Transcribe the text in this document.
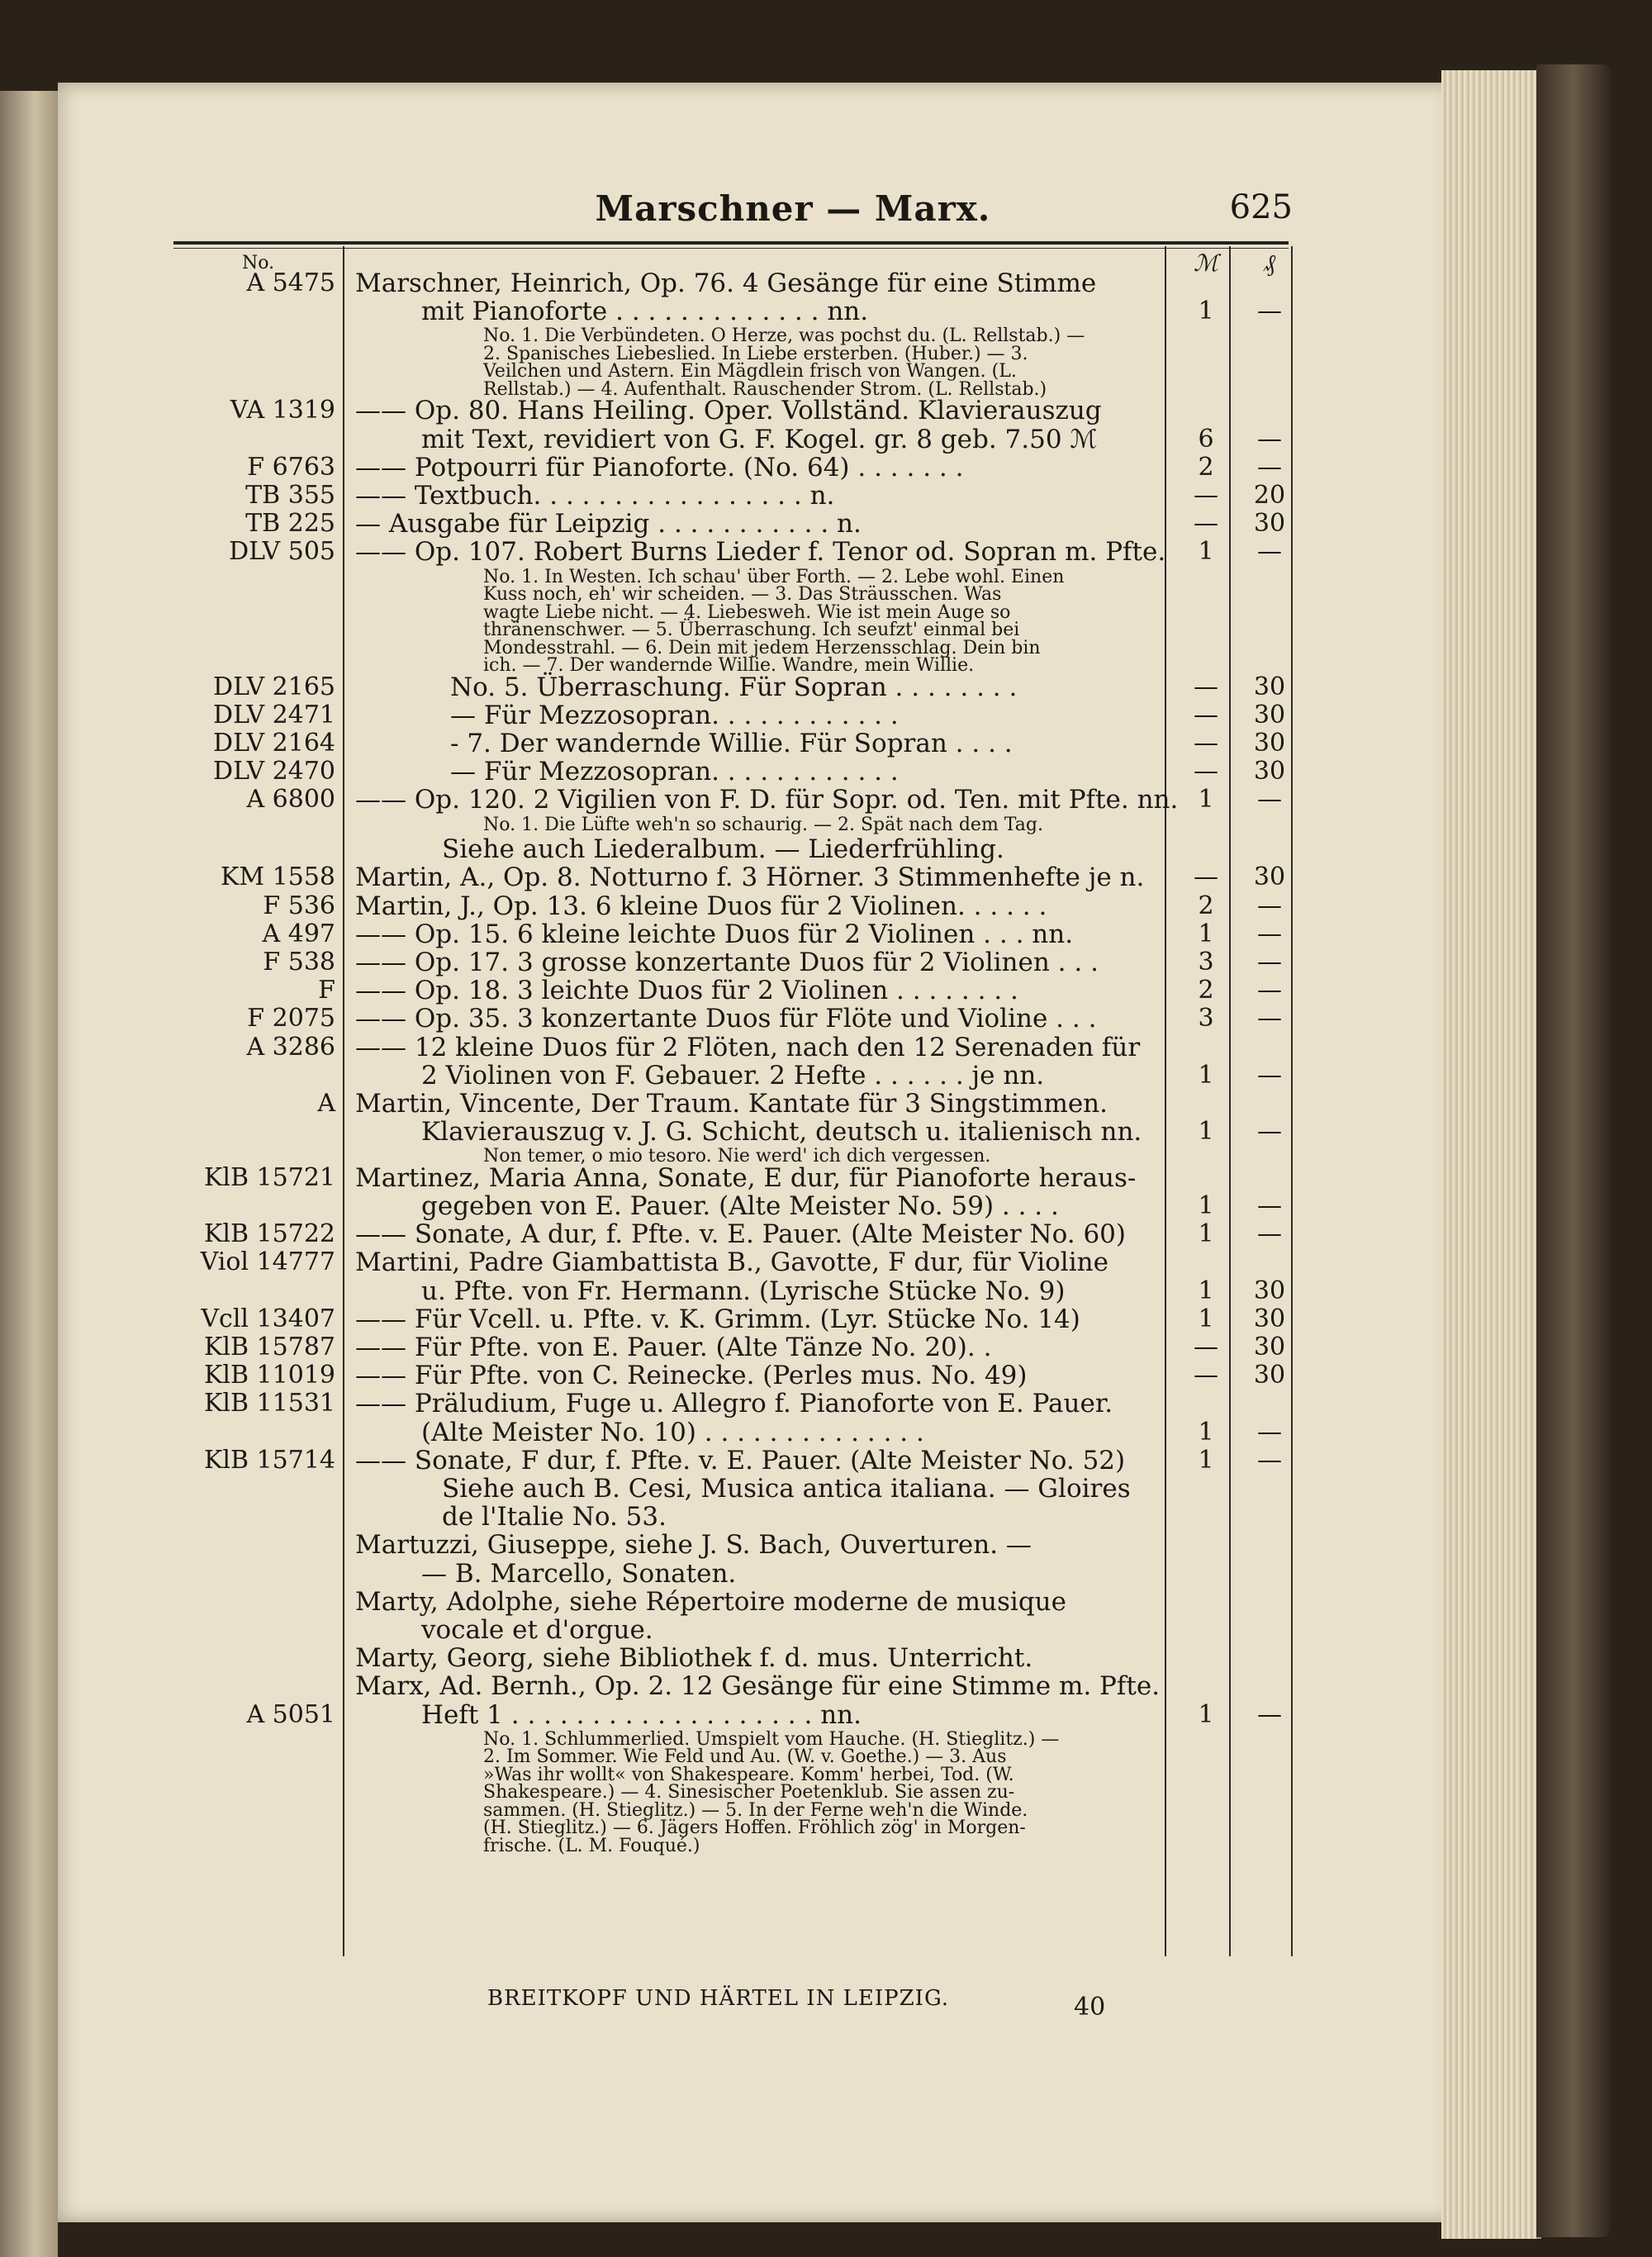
Marschner — Marx.	625
No.	ℳ	₰
A 5475 Marschner, Heinrich, Op. 76. 4 Gesänge für eine Stimme
mit Pianoforte . . . . . . . . . . . . . nn.	1	—
No. 1. Die Verbündeten. O Herze, was pochst du. (L. Rellstab.) —
2. Spanisches Liebeslied. In Liebe ersterben. (Huber.) — 3.
Veilchen und Astern. Ein Mägdlein frisch von Wangen. (L.
Rellstab.) — 4. Aufenthalt. Rauschender Strom. (L. Rellstab.)
VA 1319 —— Op. 80. Hans Heiling. Oper. Vollständ. Klavierauszug
mit Text, revidiert von G. F. Kogel. gr. 8 geb. 7.50 ℳ	6	—
F 6763 —— Potpourri für Pianoforte. (No. 64) . . . . . . .	2	—
TB 355 —— Textbuch. . . . . . . . . . . . . . . . . n.	—	20
TB 225 — Ausgabe für Leipzig . . . . . . . . . . . n.	—	30
DLV 505 —— Op. 107. Robert Burns Lieder f. Tenor od. Sopran m. Pfte.	1	—
No. 1. In Westen. Ich schau' über Forth. — 2. Lebe wohl. Einen
Kuss noch, eh' wir scheiden. — 3. Das Sträusschen. Was
wagte Liebe nicht. — 4. Liebesweh. Wie ist mein Auge so
thränenschwer. — 5. Überraschung. Ich seufzt' einmal bei
Mondesstrahl. — 6. Dein mit jedem Herzensschlag. Dein bin
ich. — 7. Der wandernde Willie. Wandre, mein Willie.
DLV 2165	No. 5. Überraschung. Für Sopran . . . . . . . .	—	30
DLV 2471	— Für Mezzosopran. . . . . . . . . . . .	—	30
DLV 2164	- 7. Der wandernde Willie. Für Sopran . . . .	—	30
DLV 2470	— Für Mezzosopran. . . . . . . . . . . .	—	30
A 6800 —— Op. 120. 2 Vigilien von F. D. für Sopr. od. Ten. mit Pfte. nn. 1	—
No. 1. Die Lüfte weh'n so schaurig. — 2. Spät nach dem Tag.
Siehe auch Liederalbum. — Liederfrühling.
KM 1558 Martin, A., Op. 8. Notturno f. 3 Hörner. 3 Stimmenhefte je n.	—	30
F 536 Martin, J., Op. 13. 6 kleine Duos für 2 Violinen. . . . . .	2	—
A 497 —— Op. 15. 6 kleine leichte Duos für 2 Violinen . . . nn.	1	—
F 538 —— Op. 17. 3 grosse konzertante Duos für 2 Violinen . . .	3	—
F —— Op. 18. 3 leichte Duos für 2 Violinen . . . . . . . .	2	—
F 2075 —— Op. 35. 3 konzertante Duos für Flöte und Violine . . .	3	—
A 3286 —— 12 kleine Duos für 2 Flöten, nach den 12 Serenaden für
2 Violinen von F. Gebauer. 2 Hefte . . . . . . je nn.	1	—
A Martin, Vincente, Der Traum. Kantate für 3 Singstimmen.
Klavierauszug v. J. G. Schicht, deutsch u. italienisch nn.	1	—
Non temer, o mio tesoro. Nie werd' ich dich vergessen.
KlB 15721 Martinez, Maria Anna, Sonate, E dur, für Pianoforte heraus-
gegeben von E. Pauer. (Alte Meister No. 59) . . . .	1	—
KlB 15722 —— Sonate, A dur, f. Pfte. v. E. Pauer. (Alte Meister No. 60)	1	—
Viol 14777 Martini, Padre Giambattista B., Gavotte, F dur, für Violine
u. Pfte. von Fr. Hermann. (Lyrische Stücke No. 9)	1	30
Vcll 13407 —— Für Vcell. u. Pfte. v. K. Grimm. (Lyr. Stücke No. 14)	1	30
KlB 15787 —— Für Pfte. von E. Pauer. (Alte Tänze No. 20). .	—	30
KlB 11019 —— Für Pfte. von C. Reinecke. (Perles mus. No. 49)	—	30
KlB 11531 —— Präludium, Fuge u. Allegro f. Pianoforte von E. Pauer.
(Alte Meister No. 10) . . . . . . . . . . . . . .	1	—
KlB 15714 —— Sonate, F dur, f. Pfte. v. E. Pauer. (Alte Meister No. 52)	1	—
Siehe auch B. Cesi, Musica antica italiana. — Gloires
de l'Italie No. 53.
Martuzzi, Giuseppe, siehe J. S. Bach, Ouverturen. —
— B. Marcello, Sonaten.
Marty, Adolphe, siehe Répertoire moderne de musique
vocale et d'orgue.
Marty, Georg, siehe Bibliothek f. d. mus. Unterricht.
Marx, Ad. Bernh., Op. 2. 12 Gesänge für eine Stimme m. Pfte.
A 5051	Heft 1 . . . . . . . . . . . . . . . . . . . nn.	1	—
No. 1. Schlummerlied. Umspielt vom Hauche. (H. Stieglitz.) —
2. Im Sommer. Wie Feld und Au. (W. v. Goethe.) — 3. Aus
»Was ihr wollt« von Shakespeare. Komm' herbei, Tod. (W.
Shakespeare.) — 4. Sinesischer Poetenklub. Sie assen zu-
sammen. (H. Stieglitz.) — 5. In der Ferne weh'n die Winde.
(H. Stieglitz.) — 6. Jägers Hoffen. Fröhlich zög' in Morgen-
frische. (L. M. Fouqué.)
BREITKOPF UND HÄRTEL IN LEIPZIG.	40
